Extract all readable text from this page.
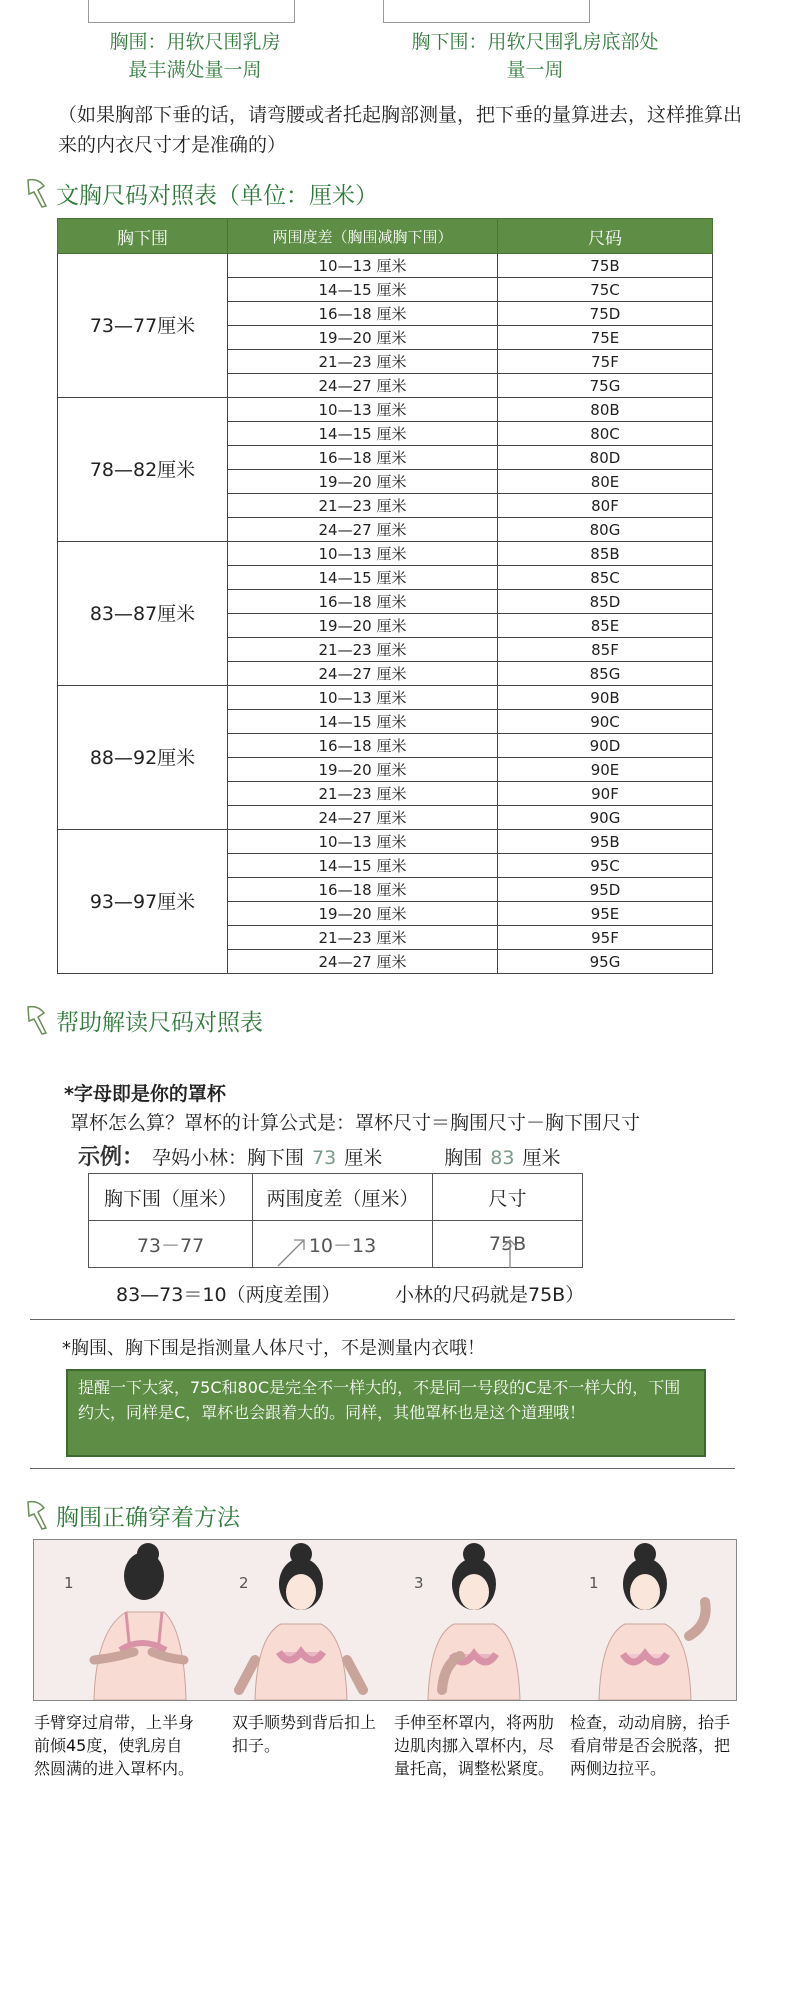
胸围：用软尺围乳房
最丰满处量一周
胸下围：用软尺围乳房底部处
量一周
（如果胸部下垂的话，请弯腰或者托起胸部测量，把下垂的量算进去，这样推算出来的内衣尺寸才是准确的）
文胸尺码对照表（单位：厘米）
胸下围	两围度差（胸围减胸下围）	尺码
73—77厘米	10—13 厘米	75B
	14—15 厘米	75C
	16—18 厘米	75D
	19—20 厘米	75E
	21—23 厘米	75F
	24—27 厘米	75G
78—82厘米	10—13 厘米	80B
	14—15 厘米	80C
	16—18 厘米	80D
	19—20 厘米	80E
	21—23 厘米	80F
	24—27 厘米	80G
83—87厘米	10—13 厘米	85B
	14—15 厘米	85C
	16—18 厘米	85D
	19—20 厘米	85E
	21—23 厘米	85F
	24—27 厘米	85G
88—92厘米	10—13 厘米	90B
	14—15 厘米	90C
	16—18 厘米	90D
	19—20 厘米	90E
	21—23 厘米	90F
	24—27 厘米	90G
93—97厘米	10—13 厘米	95B
	14—15 厘米	95C
	16—18 厘米	95D
	19—20 厘米	95E
	21—23 厘米	95F
	24—27 厘米	95G
帮助解读尺码对照表
*字母即是你的罩杯
罩杯怎么算？罩杯的计算公式是：罩杯尺寸＝胸围尺寸－胸下围尺寸
示例： 孕妈小林：胸下围 73 厘米	胸围 83 厘米
胸下围（厘米）	两围度差（厘米）	尺寸
73－77	10－13	75B
83—73＝10（两度差围）	小林的尺码就是75B）
*胸围、胸下围是指测量人体尺寸，不是测量内衣哦！
提醒一下大家，75C和80C是完全不一样大的，不是同一号段的C是不一样大的，下围约大，同样是C，罩杯也会跟着大的。同样，其他罩杯也是这个道理哦！
胸围正确穿着方法
1	2	3	1
手臂穿过肩带，上半身前倾45度，使乳房自然圆满的进入罩杯内。
双手顺势到背后扣上扣子。
手伸至杯罩内，将两肋边肌肉挪入罩杯内，尽量托高，调整松紧度。
检查，动动肩膀，抬手看肩带是否会脱落，把两侧边拉平。
